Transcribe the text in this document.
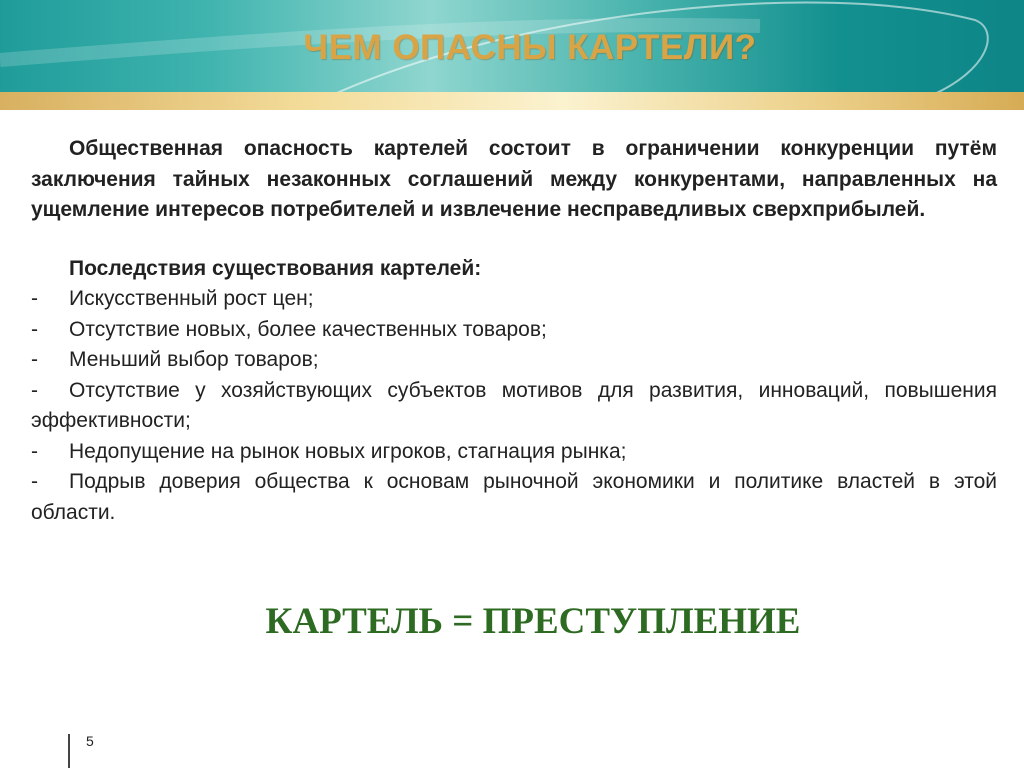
ЧЕМ ОПАСНЫ КАРТЕЛИ?

Общественная опасность картелей состоит в ограничении конкуренции путём заключения тайных незаконных соглашений между конкурентами, направленных на ущемление интересов потребителей и извлечение несправедливых сверхприбылей.

Последствия существования картелей:

- Искусственный рост цен;
- Отсутствие новых, более качественных товаров;
- Меньший выбор товаров;
- Отсутствие у хозяйствующих субъектов мотивов для развития, инноваций, повышения эффективности;
- Недопущение на рынок новых игроков, стагнация рынка;
- Подрыв доверия общества к основам рыночной экономики и политике властей в этой области.
КАРТЕЛЬ = ПРЕСТУПЛЕНИЕ
5
